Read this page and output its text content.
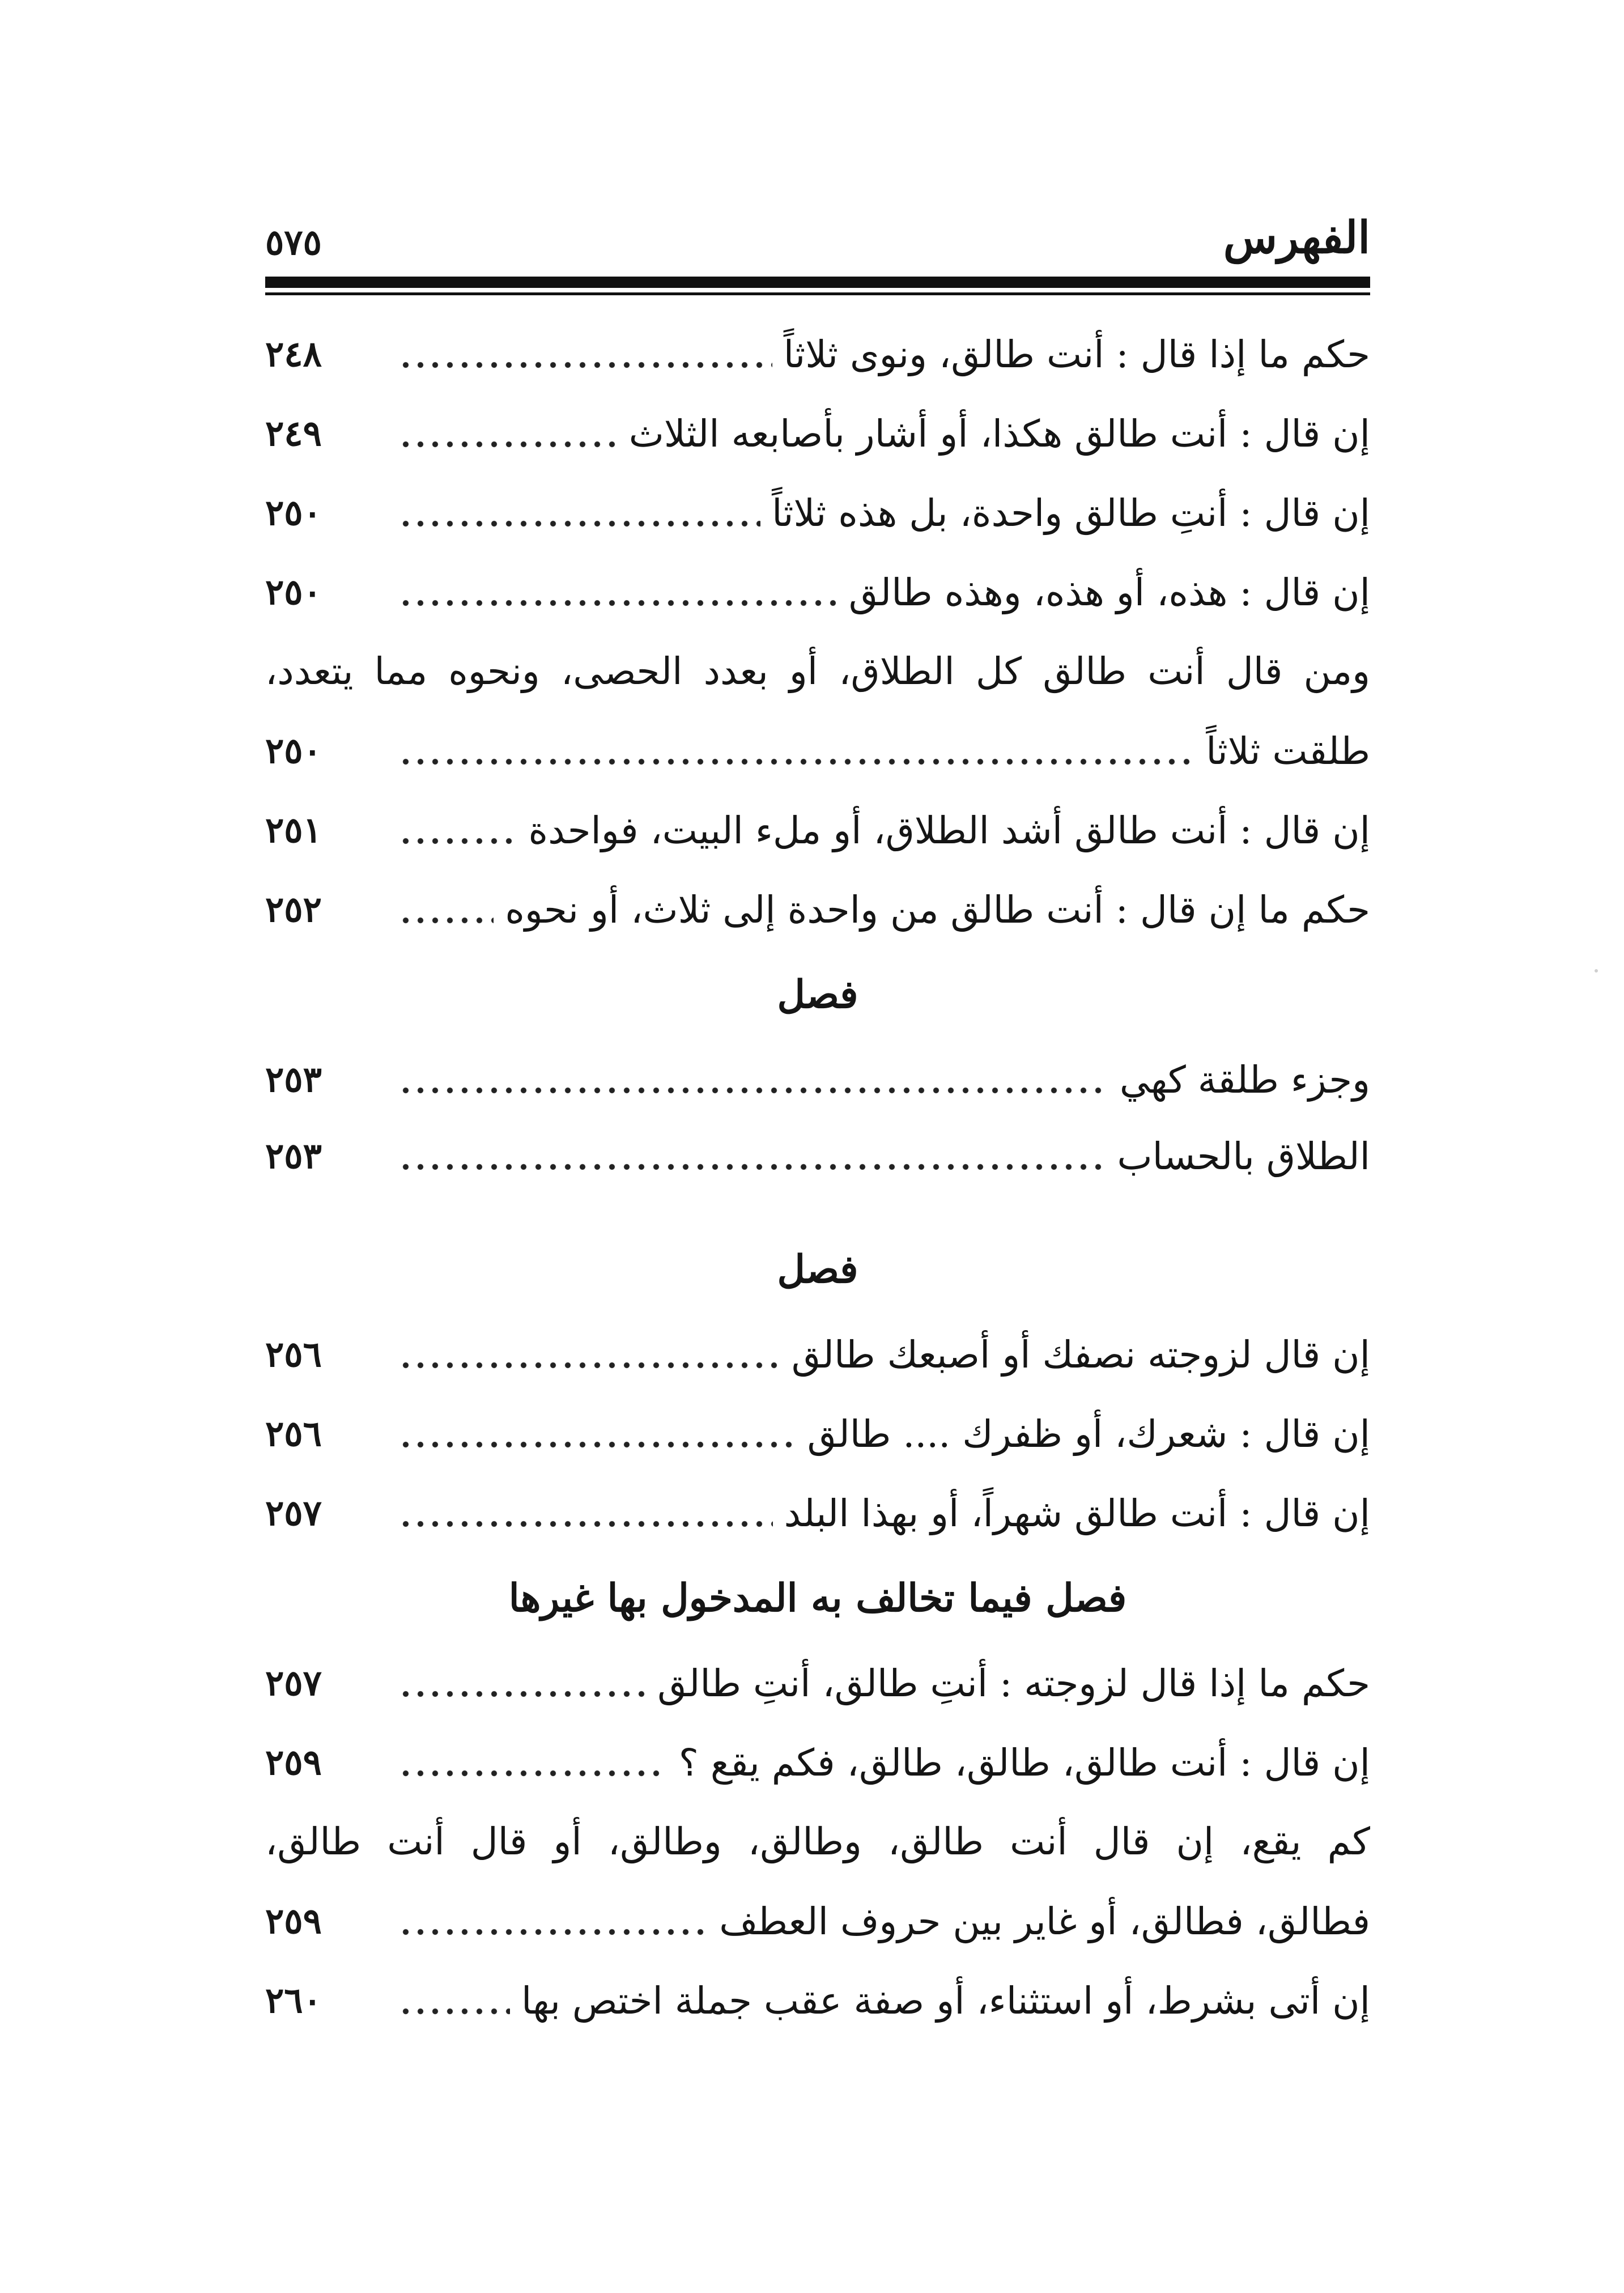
الفهرس
٥٧٥
حكم ما إذا قال : أنت طالق، ونوى ثلاثاً
٢٤٨
إن قال : أنت طالق هكذا، أو أشار بأصابعه الثلاث
٢٤٩
إن قال : أنتِ طالق واحدة، بل هذه ثلاثاً
٢٥٠
إن قال : هذه، أو هذه، وهذه طالق
٢٥٠
ومن قال أنت طالق كل الطلاق، أو بعدد الحصى، ونحوه مما يتعدد،
طلقت ثلاثاً
٢٥٠
إن قال : أنت طالق أشد الطلاق، أو ملء البيت، فواحدة
٢٥١
حكم ما إن قال : أنت طالق من واحدة إلى ثلاث، أو نحوه
٢٥٢
فصل
وجزء طلقة كهي
٢٥٣
الطلاق بالحساب
٢٥٣
فصل
إن قال لزوجته نصفك أو أصبعك طالق
٢٥٦
إن قال : شعرك، أو ظفرك .... طالق
٢٥٦
إن قال : أنت طالق شهراً، أو بهذا البلد
٢٥٧
فصل فيما تخالف به المدخول بها غيرها
حكم ما إذا قال لزوجته : أنتِ طالق، أنتِ طالق
٢٥٧
إن قال : أنت طالق، طالق، طالق، فكم يقع ؟
٢٥٩
كم يقع، إن قال أنت طالق، وطالق، وطالق، أو قال أنت طالق،
فطالق، فطالق، أو غاير بين حروف العطف
٢٥٩
إن أتى بشرط، أو استثناء، أو صفة عقب جملة اختص بها
٢٦٠
